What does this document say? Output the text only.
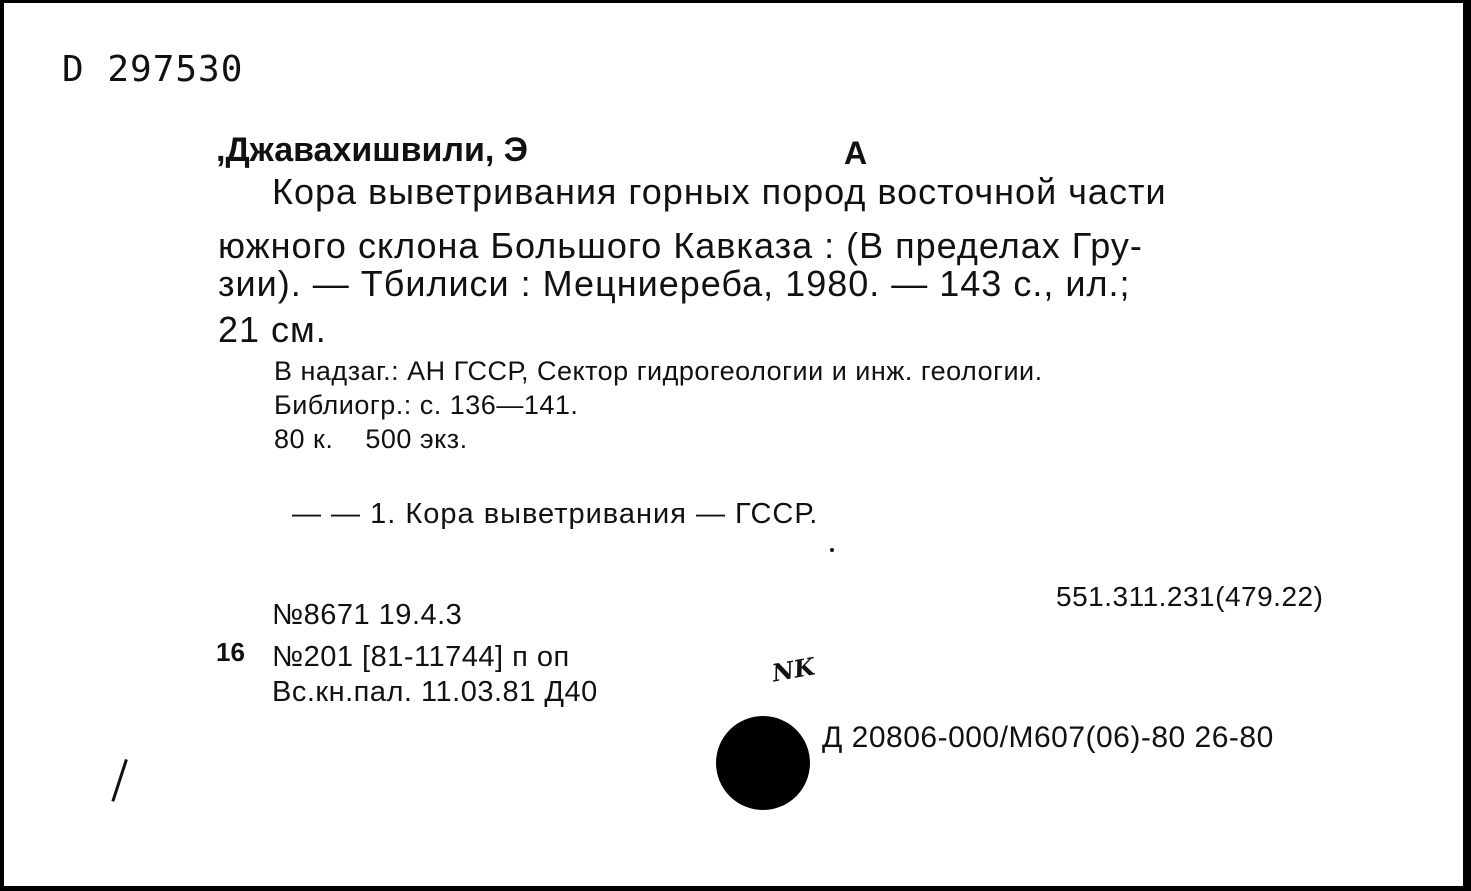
D 297530
,Джавахишвили, Э	А
Кора выветривания горных пород восточной части
южного склона Большого Кавказа : (В пределах Гру-
зии). — Тбилиси : Мецниереба, 1980. — 143 с., ил.;
21 см.
В надзаг.: АН ГССР, Сектор гидрогеологии и инж. геологии.
Библиогр.: с. 136—141.
80 к.    500 экз.
— — 1. Кора выветривания — ГССР.
551.311.231(479.22)
№8671 19.4.3
16 №201 [81-11744] п оп
Вс.кн.пал. 11.03.81 Д40
NK
Д 20806-000/М607(06)-80 26-80
